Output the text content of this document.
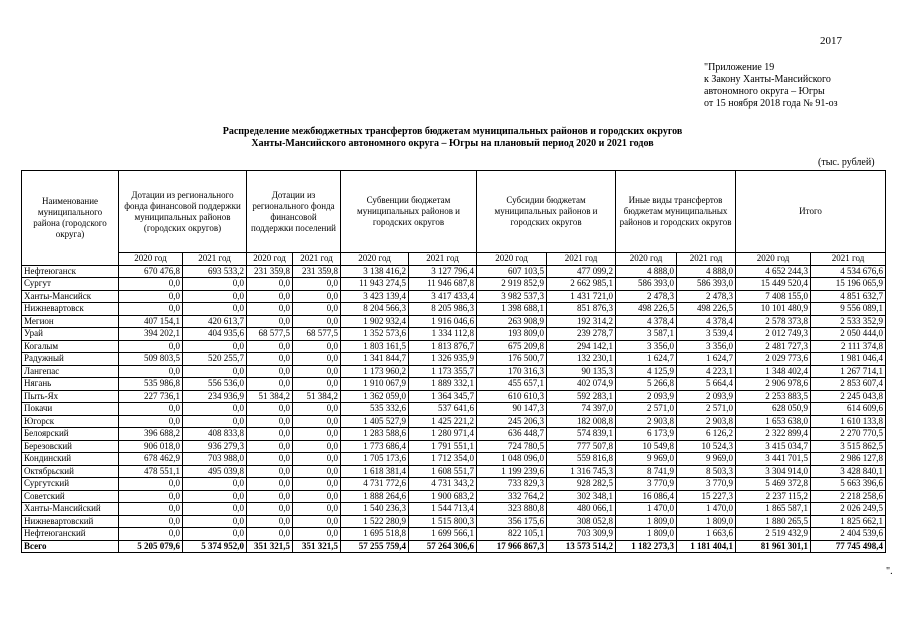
2017
"Приложение 19
к Закону Ханты-Мансийского
автономного округа – Югры
от 15 ноября 2018 года № 91-оз
Распределение межбюджетных трансфертов бюджетам муниципальных районов и городских округов
Ханты-Мансийского автономного округа – Югры на плановый период 2020 и 2021 годов
(тыс. рублей)
Наименование муниципального района (городского округа)	Дотации из регионального фонда финансовой поддержки муниципальных районов (городских округов)		Дотации из регионального фонда финансовой поддержки поселений		Субвенции бюджетам муниципальных районов и городских округов		Субсидии бюджетам муниципальных районов и городских округов		Иные виды трансфертов бюджетам муниципальных районов и городских округов		Итого	
	2020 год	2021 год	2020 год	2021 год	2020 год	2021 год	2020 год	2021 год	2020 год	2021 год	2020 год	2021 год
Нефтеюганск	670 476,8	693 533,2	231 359,8	231 359,8	3 138 416,2	3 127 796,4	607 103,5	477 099,2	4 888,0	4 888,0	4 652 244,3	4 534 676,6
Сургут	0,0	0,0	0,0	0,0	11 943 274,5	11 946 687,8	2 919 852,9	2 662 985,1	586 393,0	586 393,0	15 449 520,4	15 196 065,9
Ханты-Мансийск	0,0	0,0	0,0	0,0	3 423 139,4	3 417 433,4	3 982 537,3	1 431 721,0	2 478,3	2 478,3	7 408 155,0	4 851 632,7
Нижневартовск	0,0	0,0	0,0	0,0	8 204 566,3	8 205 986,3	1 398 688,1	851 876,3	498 226,5	498 226,5	10 101 480,9	9 556 089,1
Мегион	407 154,1	420 613,7	0,0	0,0	1 902 932,4	1 916 046,6	263 908,9	192 314,2	4 378,4	4 378,4	2 578 373,8	2 533 352,9
Урай	394 202,1	404 935,6	68 577,5	68 577,5	1 352 573,6	1 334 112,8	193 809,0	239 278,7	3 587,1	3 539,4	2 012 749,3	2 050 444,0
Когалым	0,0	0,0	0,0	0,0	1 803 161,5	1 813 876,7	675 209,8	294 142,1	3 356,0	3 356,0	2 481 727,3	2 111 374,8
Радужный	509 803,5	520 255,7	0,0	0,0	1 341 844,7	1 326 935,9	176 500,7	132 230,1	1 624,7	1 624,7	2 029 773,6	1 981 046,4
Лангепас	0,0	0,0	0,0	0,0	1 173 960,2	1 173 355,7	170 316,3	90 135,3	4 125,9	4 223,1	1 348 402,4	1 267 714,1
Нягань	535 986,8	556 536,0	0,0	0,0	1 910 067,9	1 889 332,1	455 657,1	402 074,9	5 266,8	5 664,4	2 906 978,6	2 853 607,4
Пыть-Ях	227 736,1	234 936,9	51 384,2	51 384,2	1 362 059,0	1 364 345,7	610 610,3	592 283,1	2 093,9	2 093,9	2 253 883,5	2 245 043,8
Покачи	0,0	0,0	0,0	0,0	535 332,6	537 641,6	90 147,3	74 397,0	2 571,0	2 571,0	628 050,9	614 609,6
Югорск	0,0	0,0	0,0	0,0	1 405 527,9	1 425 221,2	245 206,3	182 008,8	2 903,8	2 903,8	1 653 638,0	1 610 133,8
Белоярский	396 688,2	408 833,8	0,0	0,0	1 283 588,6	1 280 971,4	636 448,7	574 839,1	6 173,9	6 126,2	2 322 899,4	2 270 770,5
Березовский	906 018,0	936 279,3	0,0	0,0	1 773 686,4	1 791 551,1	724 780,5	777 507,8	10 549,8	10 524,3	3 415 034,7	3 515 862,5
Кондинский	678 462,9	703 988,0	0,0	0,0	1 705 173,6	1 712 354,0	1 048 096,0	559 816,8	9 969,0	9 969,0	3 441 701,5	2 986 127,8
Октябрьский	478 551,1	495 039,8	0,0	0,0	1 618 381,4	1 608 551,7	1 199 239,6	1 316 745,3	8 741,9	8 503,3	3 304 914,0	3 428 840,1
Сургутский	0,0	0,0	0,0	0,0	4 731 772,6	4 731 343,2	733 829,3	928 282,5	3 770,9	3 770,9	5 469 372,8	5 663 396,6
Советский	0,0	0,0	0,0	0,0	1 888 264,6	1 900 683,2	332 764,2	302 348,1	16 086,4	15 227,3	2 237 115,2	2 218 258,6
Ханты-Мансийский	0,0	0,0	0,0	0,0	1 540 236,3	1 544 713,4	323 880,8	480 066,1	1 470,0	1 470,0	1 865 587,1	2 026 249,5
Нижневартовский	0,0	0,0	0,0	0,0	1 522 280,9	1 515 800,3	356 175,6	308 052,8	1 809,0	1 809,0	1 880 265,5	1 825 662,1
Нефтеюганский	0,0	0,0	0,0	0,0	1 695 518,8	1 699 566,1	822 105,1	703 309,9	1 809,0	1 663,6	2 519 432,9	2 404 539,6
Всего	5 205 079,6	5 374 952,0	351 321,5	351 321,5	57 255 759,4	57 264 306,6	17 966 867,3	13 573 514,2	1 182 273,3	1 181 404,1	81 961 301,1	77 745 498,4
".
